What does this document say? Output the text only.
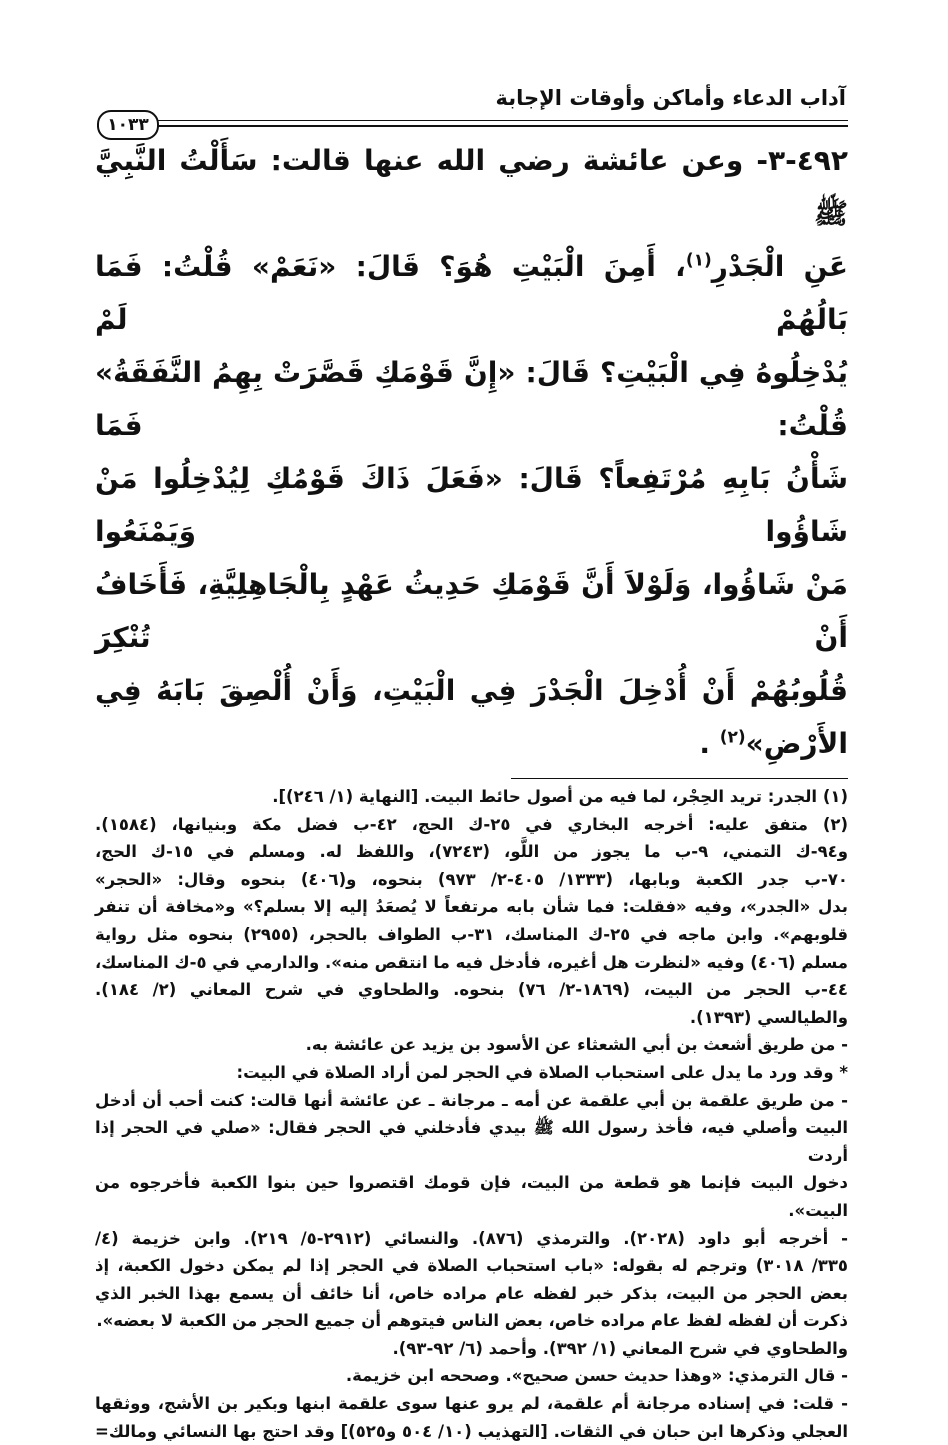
آداب الدعاء وأماكن وأوقات الإجابة
١٠٣٣
٤٩٢-٣- وعن عائشة رضي الله عنها قالت: سَأَلْتُ النَّبِيَّ ﷺ
عَنِ الْجَدْرِ$^{(١)}$، أَمِنَ الْبَيْتِ هُوَ؟ قَالَ: «نَعَمْ» قُلْتُ: فَمَا بَالُهُمْ لَمْ
يُدْخِلُوهُ فِي الْبَيْتِ؟ قَالَ: «إِنَّ قَوْمَكِ قَصَّرَتْ بِهِمُ النَّفَقَةُ» قُلْتُ: فَمَا
شَأْنُ بَابِهِ مُرْتَفِعاً؟ قَالَ: «فَعَلَ ذَاكَ قَوْمُكِ لِيُدْخِلُوا مَنْ شَاؤُوا وَيَمْنَعُوا
مَنْ شَاؤُوا، وَلَوْلاَ أَنَّ قَوْمَكِ حَدِيثُ عَهْدٍ بِالْجَاهِلِيَّةِ، فَأَخَافُ أَنْ تُنْكِرَ
قُلُوبُهُمْ أَنْ أُدْخِلَ الْجَدْرَ فِي الْبَيْتِ، وَأَنْ أُلْصِقَ بَابَهُ فِي الأَرْضِ»$^{(٢)}$ .
(١) الجدر: تريد الحِجْر، لما فيه من أصول حائط البيت. [النهاية (١/ ٢٤٦)].
(٢) متفق عليه: أخرجه البخاري في ٢٥-ك الحج، ٤٢-ب فضل مكة وبنيانها، (١٥٨٤).
و٩٤-ك التمني، ٩-ب ما يجوز من اللَّو، (٧٢٤٣)، واللفظ له. ومسلم في ١٥-ك الحج،
٧٠-ب جدر الكعبة وبابها، (١٣٣٣/ ٤٠٥-٢/ ٩٧٣) بنحوه، و(٤٠٦) بنحوه وقال: «الحجر»
بدل «الجدر»، وفيه «فقلت: فما شأن بابه مرتفعاً لا يُصعَدُ إليه إلا بسلم؟» و«مخافة أن تنفر
قلوبهم». وابن ماجه في ٢٥-ك المناسك، ٣١-ب الطواف بالحجر، (٢٩٥٥) بنحوه مثل رواية
مسلم (٤٠٦) وفيه «لنظرت هل أغيره، فأدخل فيه ما انتقص منه». والدارمي في ٥-ك المناسك،
٤٤-ب الحجر من البيت، (١٨٦٩-٢/ ٧٦) بنحوه. والطحاوي في شرح المعاني (٢/ ١٨٤).
والطيالسي (١٣٩٣).
- من طريق أشعث بن أبي الشعثاء عن الأسود بن يزيد عن عائشة به.
* وقد ورد ما يدل على استحباب الصلاة في الحجر لمن أراد الصلاة في البيت:
- من طريق علقمة بن أبي علقمة عن أمه ـ مرجانة ـ عن عائشة أنها قالت: كنت أحب أن أدخل
البيت وأصلي فيه، فأخذ رسول الله ﷺ بيدي فأدخلني في الحجر فقال: «صلي في الحجر إذا أردت
دخول البيت فإنما هو قطعة من البيت، فإن قومك اقتصروا حين بنوا الكعبة فأخرجوه من البيت».
- أخرجه أبو داود (٢٠٢٨). والترمذي (٨٧٦). والنسائي (٢٩١٢-٥/ ٢١٩). وابن خزيمة (٤/
٣٣٥/ ٣٠١٨) وترجم له بقوله: «باب استحباب الصلاة في الحجر إذا لم يمكن دخول الكعبة، إذ
بعض الحجر من البيت، بذكر خبر لفظه عام مراده خاص، أنا خائف أن يسمع بهذا الخبر الذي
ذكرت أن لفظه لفظ عام مراده خاص، بعض الناس فيتوهم أن جميع الحجر من الكعبة لا بعضه».
والطحاوي في شرح المعاني (١/ ٣٩٢). وأحمد (٦/ ٩٢-٩٣).
- قال الترمذي: «وهذا حديث حسن صحيح». وصححه ابن خزيمة.
- قلت: في إسناده مرجانة أم علقمة، لم يرو عنها سوى علقمة ابنها وبكير بن الأشج، ووثقها
العجلي وذكرها ابن حبان في الثقات. [التهذيب (١٠/ ٥٠٤ و٥٢٥)] وقد احتج بها النسائي ومالك=
